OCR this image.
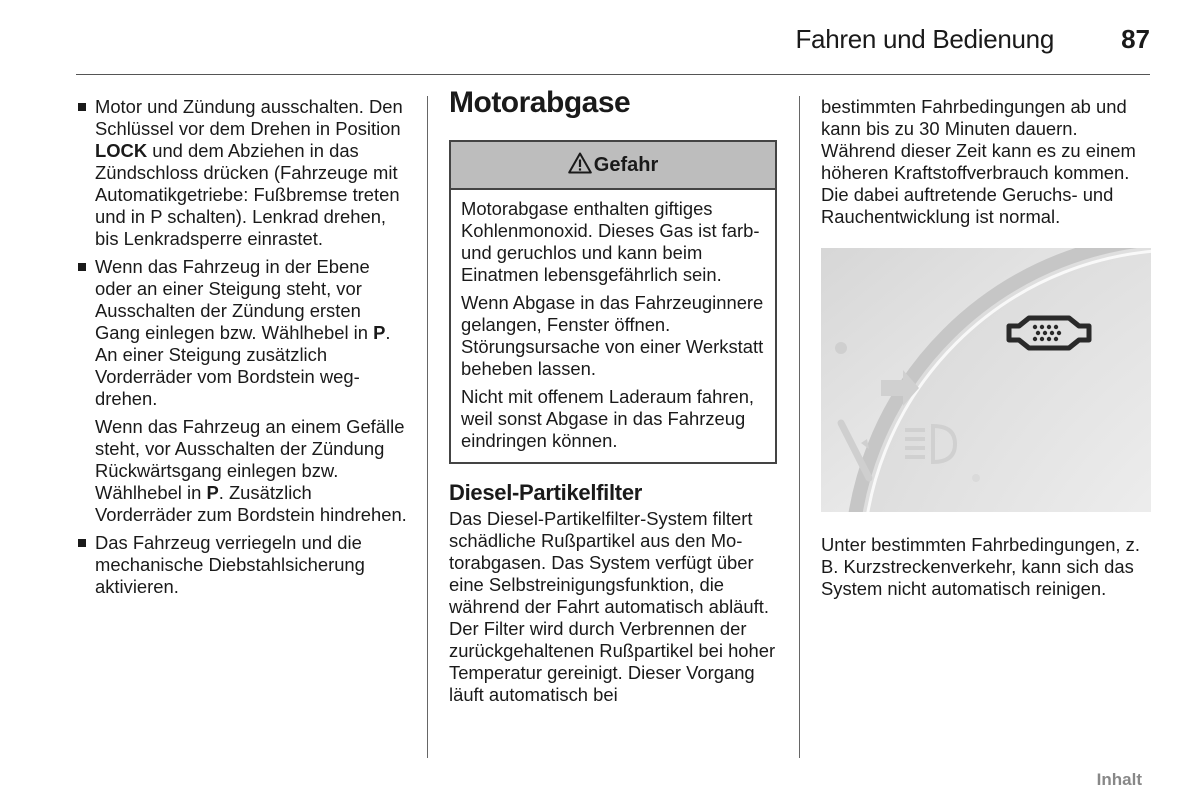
Fahren und Bedienung	87

Motor und Zündung ausschalten. Den Schlüssel vor dem Drehen in Position LOCK und dem Abziehen in das Zündschloss drücken (Fahrzeuge mit Automatikgetriebe: Fußbremse treten und in P schalten). Lenkrad drehen, bis Lenkradsperre einrastet.

Wenn das Fahrzeug in der Ebene oder an einer Steigung steht, vor Ausschalten der Zündung ersten Gang einlegen bzw. Wählhebel in P. An einer Steigung zusätzlich Vorderräder vom Bordstein wegdrehen.

Wenn das Fahrzeug an einem Gefälle steht, vor Ausschalten der Zündung Rückwärtsgang einlegen bzw. Wählhebel in P. Zusätzlich Vorderräder zum Bordstein hindrehen.

Das Fahrzeug verriegeln und die mechanische Diebstahlsicherung aktivieren.

Motorabgase
Gefahr

Motorabgase enthalten giftiges Kohlenmonoxid. Dieses Gas ist farb- und geruchlos und kann beim Einatmen lebensgefährlich sein.

Wenn Abgase in das Fahrzeuginnere gelangen, Fenster öffnen. Störungsursache von einer Werkstatt beheben lassen.

Nicht mit offenem Laderaum fahren, weil sonst Abgase in das Fahrzeug eindringen können.

Diesel-Partikelfilter

Das Diesel-Partikelfilter-System filtert schädliche Rußpartikel aus den Motorabgasen. Das System verfügt über eine Selbstreinigungsfunktion, die während der Fahrt automatisch abläuft. Der Filter wird durch Verbrennen der zurückgehaltenen Rußpartikel bei hoher Temperatur gereinigt. Dieser Vorgang läuft automatisch bei

bestimmten Fahrbedingungen ab und kann bis zu 30 Minuten dauern. Während dieser Zeit kann es zu einem höheren Kraftstoffverbrauch kommen. Die dabei auftretende Geruchs- und Rauchentwicklung ist normal.

Unter bestimmten Fahrbedingungen, z. B. Kurzstreckenverkehr, kann sich das System nicht automatisch reinigen.

Inhalt
